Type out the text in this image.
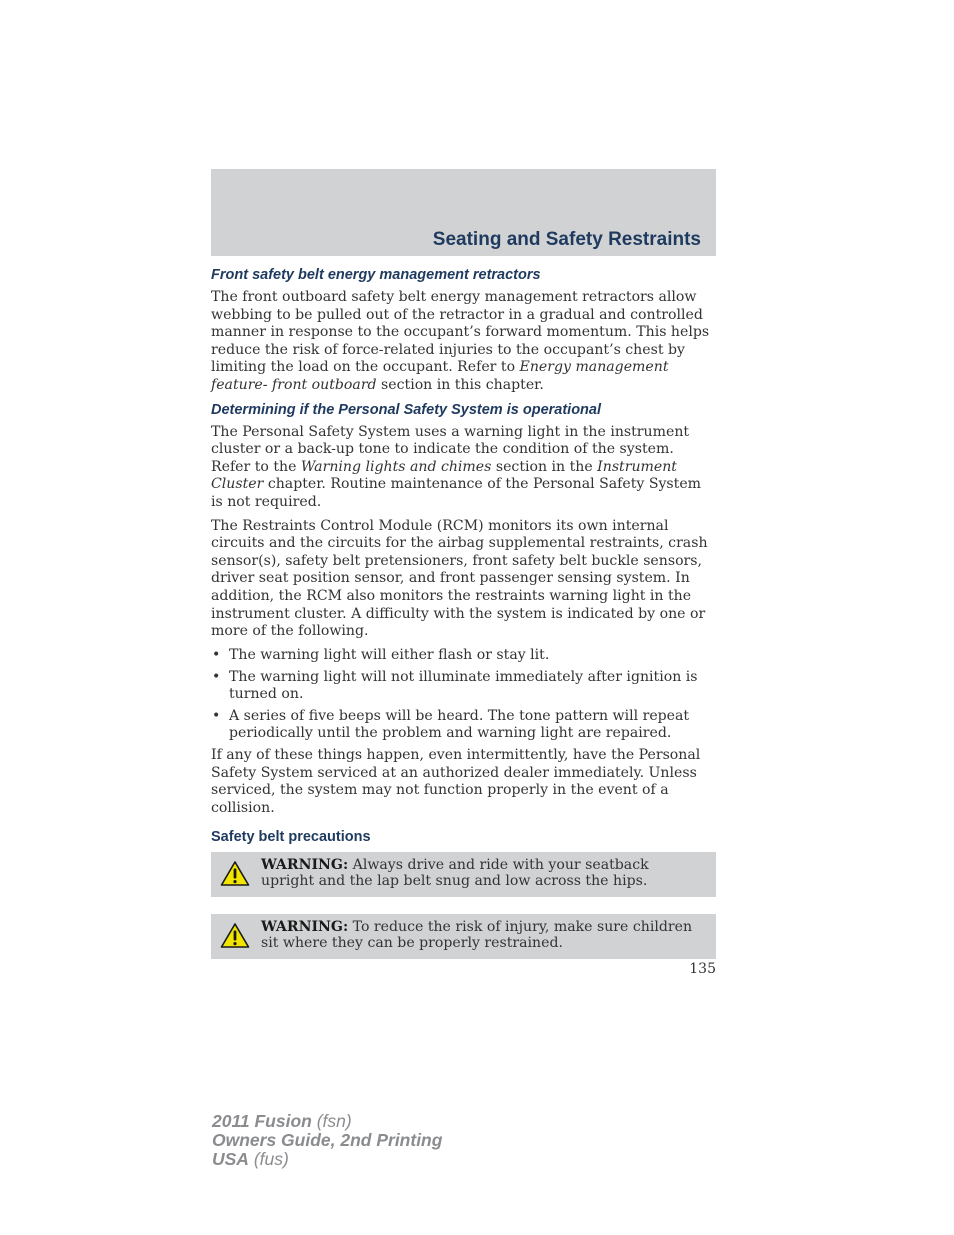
Seating and Safety Restraints
Front safety belt energy management retractors

The front outboard safety belt energy management retractors allow webbing to be pulled out of the retractor in a gradual and controlled manner in response to the occupant’s forward momentum. This helps reduce the risk of force-related injuries to the occupant’s chest by limiting the load on the occupant. Refer to Energy management feature- front outboard section in this chapter.

Determining if the Personal Safety System is operational

The Personal Safety System uses a warning light in the instrument cluster or a back-up tone to indicate the condition of the system. Refer to the Warning lights and chimes section in the Instrument Cluster chapter. Routine maintenance of the Personal Safety System is not required.

The Restraints Control Module (RCM) monitors its own internal circuits and the circuits for the airbag supplemental restraints, crash sensor(s), safety belt pretensioners, front safety belt buckle sensors, driver seat position sensor, and front passenger sensing system. In addition, the RCM also monitors the restraints warning light in the instrument cluster. A difficulty with the system is indicated by one or more of the following.

• The warning light will either flash or stay lit.
• The warning light will not illuminate immediately after ignition is turned on.
• A series of five beeps will be heard. The tone pattern will repeat periodically until the problem and warning light are repaired.

If any of these things happen, even intermittently, have the Personal Safety System serviced at an authorized dealer immediately. Unless serviced, the system may not function properly in the event of a collision.

Safety belt precautions
WARNING: Always drive and ride with your seatback upright and the lap belt snug and low across the hips.
WARNING: To reduce the risk of injury, make sure children sit where they can be properly restrained.
135
2011 Fusion (fsn)
Owners Guide, 2nd Printing
USA (fus)
